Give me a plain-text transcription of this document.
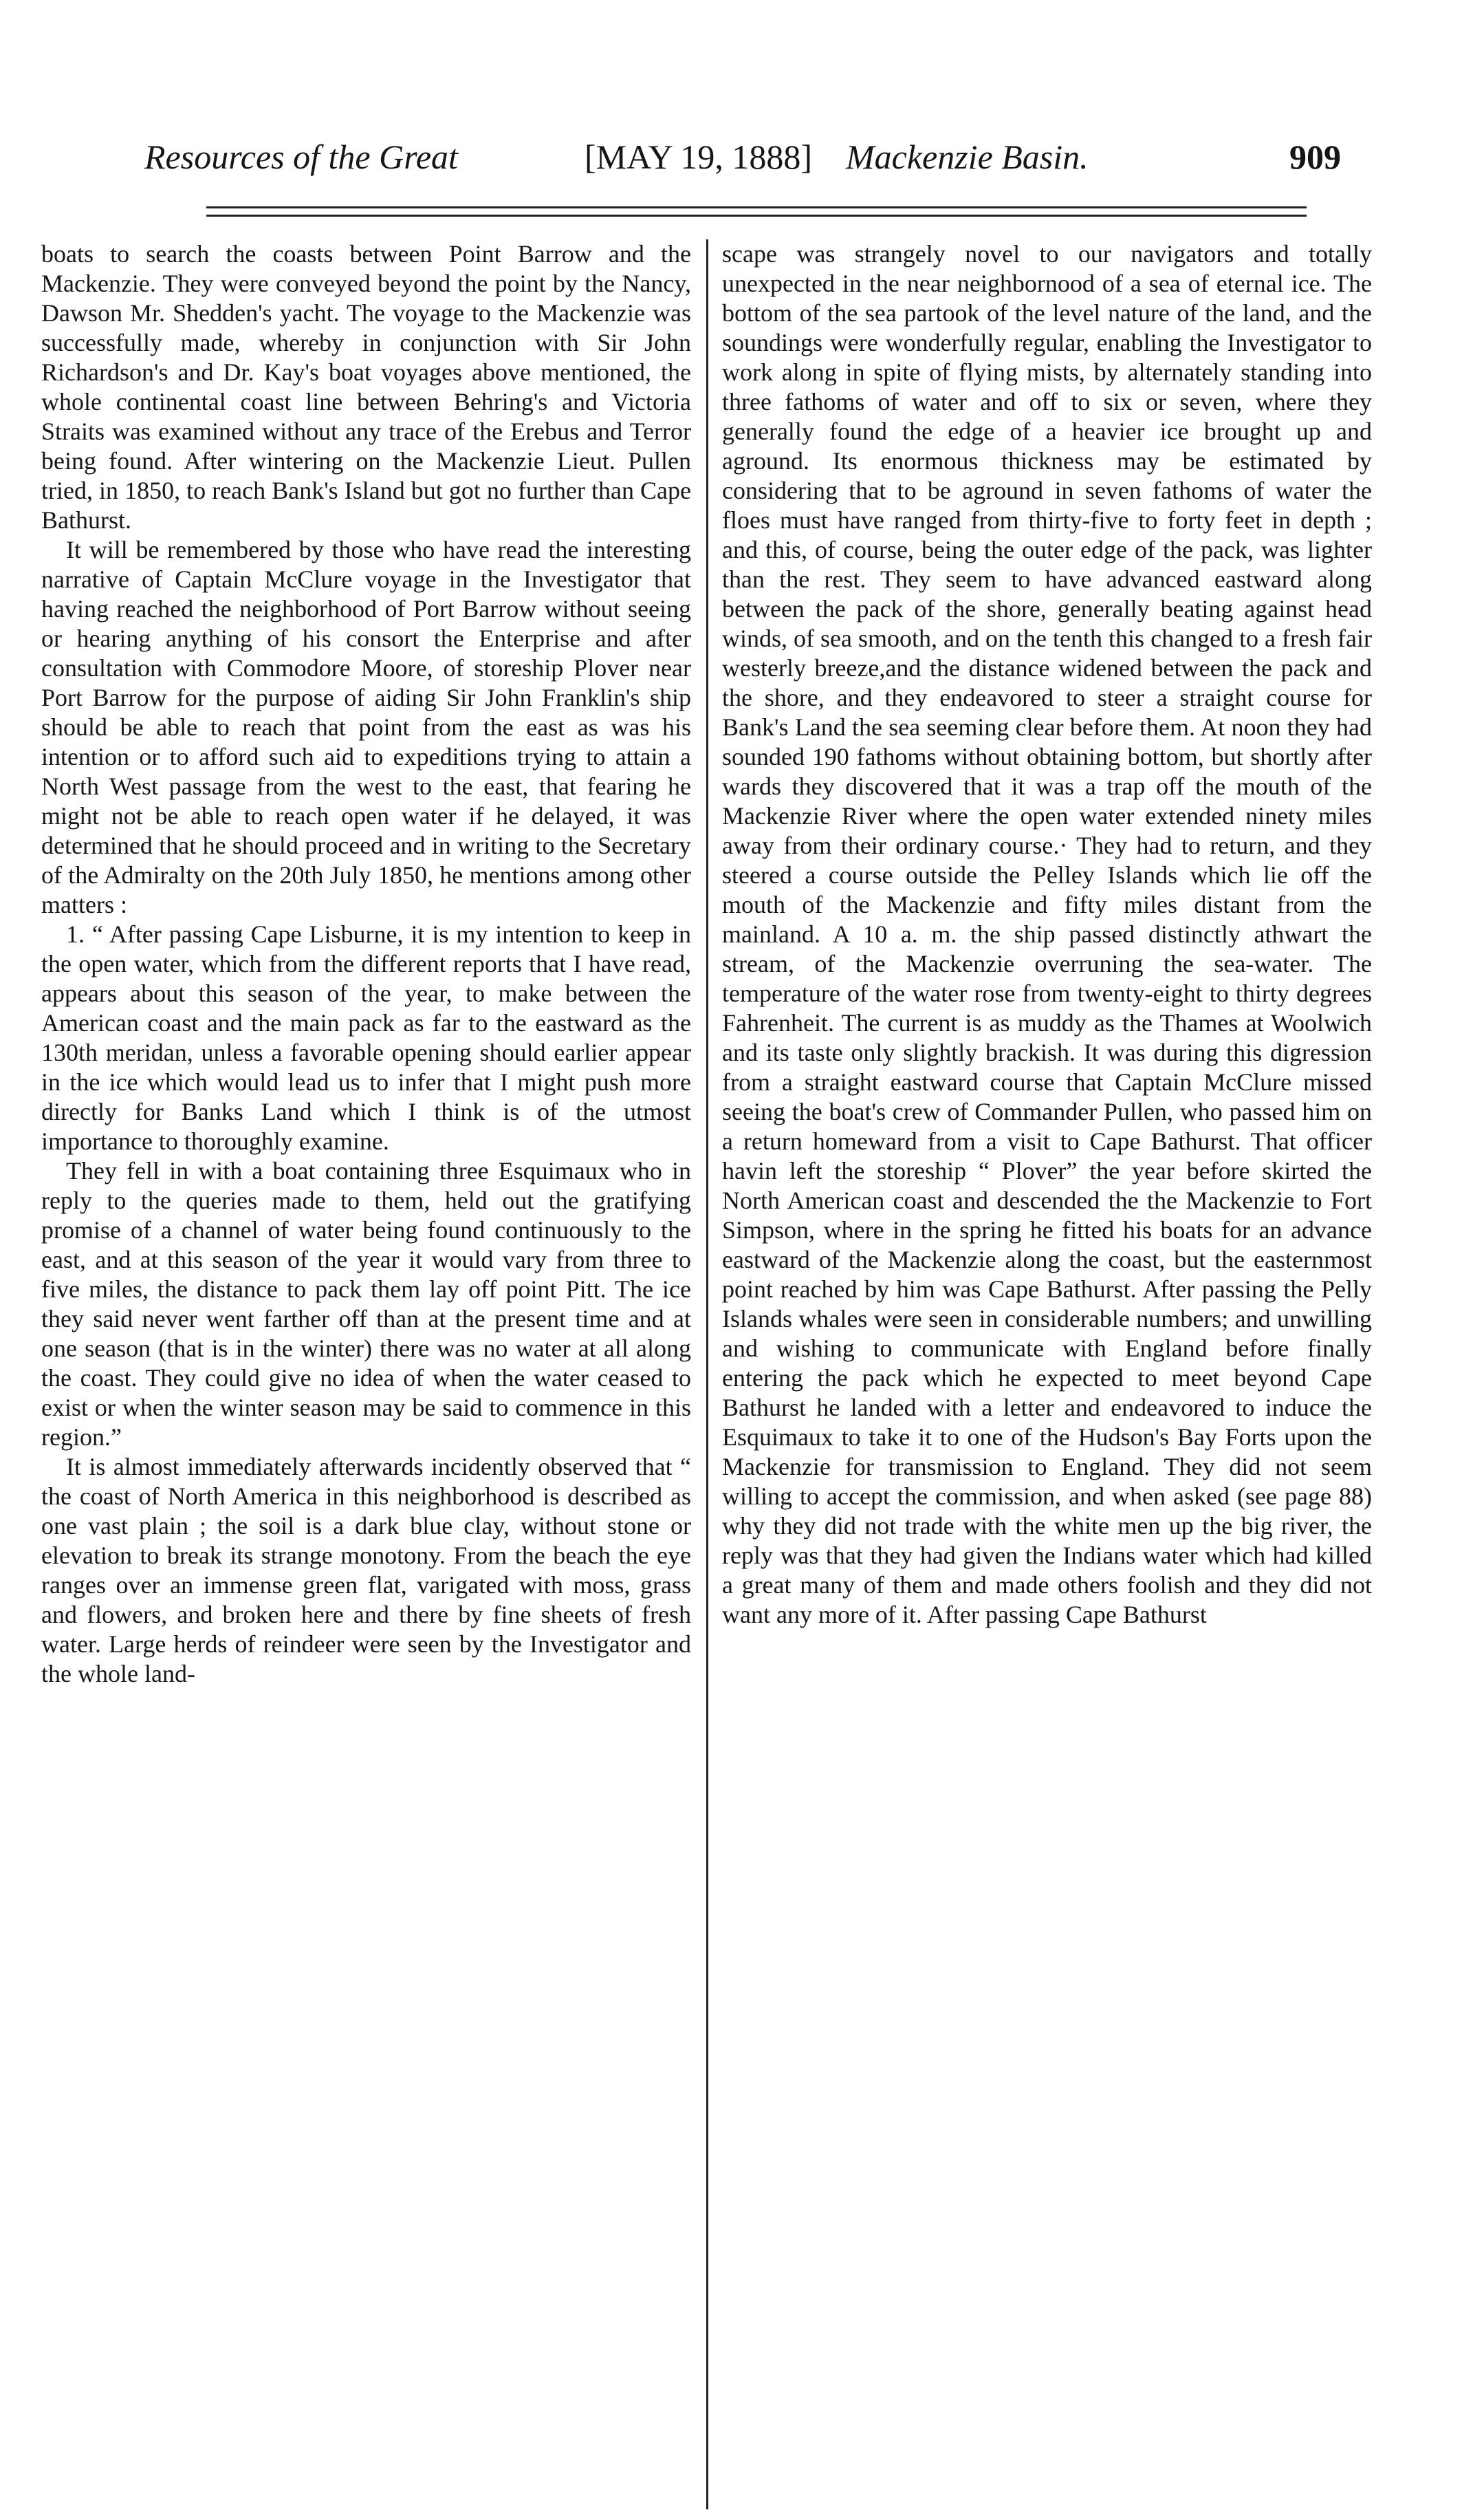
Resources of the Great	[MAY 19, 1888] Mackenzie Basin.	909

boats to search the coasts between Point Barrow and the Mackenzie. They were conveyed beyond the point by the Nancy, Dawson Mr. Shedden's yacht. The voyage to the Mackenzie was successfully made, whereby in conjunction with Sir John Richardson's and Dr. Kay's boat voyages above mentioned, the whole continental coast line between Behring's and Victoria Straits was examined without any trace of the Erebus and Terror being found. After wintering on the Mackenzie Lieut. Pullen tried, in 1850, to reach Bank's Island but got no further than Cape Bathurst.

It will be remembered by those who have read the interesting narrative of Captain McClure voyage in the Investigator that having reached the neighborhood of Port Barrow without seeing or hearing anything of his consort the Enterprise and after consultation with Commodore Moore, of storeship Plover near Port Barrow for the purpose of aiding Sir John Franklin's ship should be able to reach that point from the east as was his intention or to afford such aid to expeditions trying to attain a North West passage from the west to the east, that fearing he might not be able to reach open water if he delayed, it was determined that he should proceed and in writing to the Secretary of the Admiralty on the 20th July 1850, he mentions among other matters :

1. “ After passing Cape Lisburne, it is my intention to keep in the open water, which from the different reports that I have read, appears about this season of the year, to make between the American coast and the main pack as far to the eastward as the 130th meridan, unless a favorable opening should earlier appear in the ice which would lead us to infer that I might push more directly for Banks Land which I think is of the utmost importance to thoroughly examine.

They fell in with a boat containing three Esquimaux who in reply to the queries made to them, held out the gratifying promise of a channel of water being found continuously to the east, and at this season of the year it would vary from three to five miles, the distance to pack them lay off point Pitt. The ice they said never went farther off than at the present time and at one season (that is in the winter) there was no water at all along the coast. They could give no idea of when the water ceased to exist or when the winter season may be said to commence in this region.”

It is almost immediately afterwards incidently observed that “ the coast of North America in this neighborhood is described as one vast plain ; the soil is a dark blue clay, without stone or elevation to break its strange monotony. From the beach the eye ranges over an immense green flat, varigated with moss, grass and flowers, and broken here and there by fine sheets of fresh water. Large herds of reindeer were seen by the Investigator and the whole land-

scape was strangely novel to our navigators and totally unexpected in the near neighbornood of a sea of eternal ice. The bottom of the sea partook of the level nature of the land, and the soundings were wonderfully regular, enabling the Investigator to work along in spite of flying mists, by alternately standing into three fathoms of water and off to six or seven, where they generally found the edge of a heavier ice brought up and aground. Its enormous thickness may be estimated by considering that to be aground in seven fathoms of water the floes must have ranged from thirty-five to forty feet in depth ; and this, of course, being the outer edge of the pack, was lighter than the rest. They seem to have advanced eastward along between the pack of the shore, generally beating against head winds, of sea smooth, and on the tenth this changed to a fresh fair westerly breeze,and the distance widened between the pack and the shore, and they endeavored to steer a straight course for Bank's Land the sea seeming clear before them. At noon they had sounded 190 fathoms without obtaining bottom, but shortly after wards they discovered that it was a trap off the mouth of the Mackenzie River where the open water extended ninety miles away from their ordinary course.· They had to return, and they steered a course outside the Pelley Islands which lie off the mouth of the Mackenzie and fifty miles distant from the mainland. A 10 a. m. the ship passed distinctly athwart the stream, of the Mackenzie overruning the sea-water. The temperature of the water rose from twenty-eight to thirty degrees Fahrenheit. The current is as muddy as the Thames at Woolwich and its taste only slightly brackish. It was during this digression from a straight eastward course that Captain McClure missed seeing the boat's crew of Commander Pullen, who passed him on a return homeward from a visit to Cape Bathurst. That officer havin left the storeship “ Plover” the year before skirted the North American coast and descended the the Mackenzie to Fort Simpson, where in the spring he fitted his boats for an advance eastward of the Mackenzie along the coast, but the easternmost point reached by him was Cape Bathurst. After passing the Pelly Islands whales were seen in considerable numbers; and unwilling and wishing to communicate with England before finally entering the pack which he expected to meet beyond Cape Bathurst he landed with a letter and endeavored to induce the Esquimaux to take it to one of the Hudson's Bay Forts upon the Mackenzie for transmission to England. They did not seem willing to accept the commission, and when asked (see page 88) why they did not trade with the white men up the big river, the reply was that they had given the Indians water which had killed a great many of them and made others foolish and they did not want any more of it. After passing Cape Bathurst
